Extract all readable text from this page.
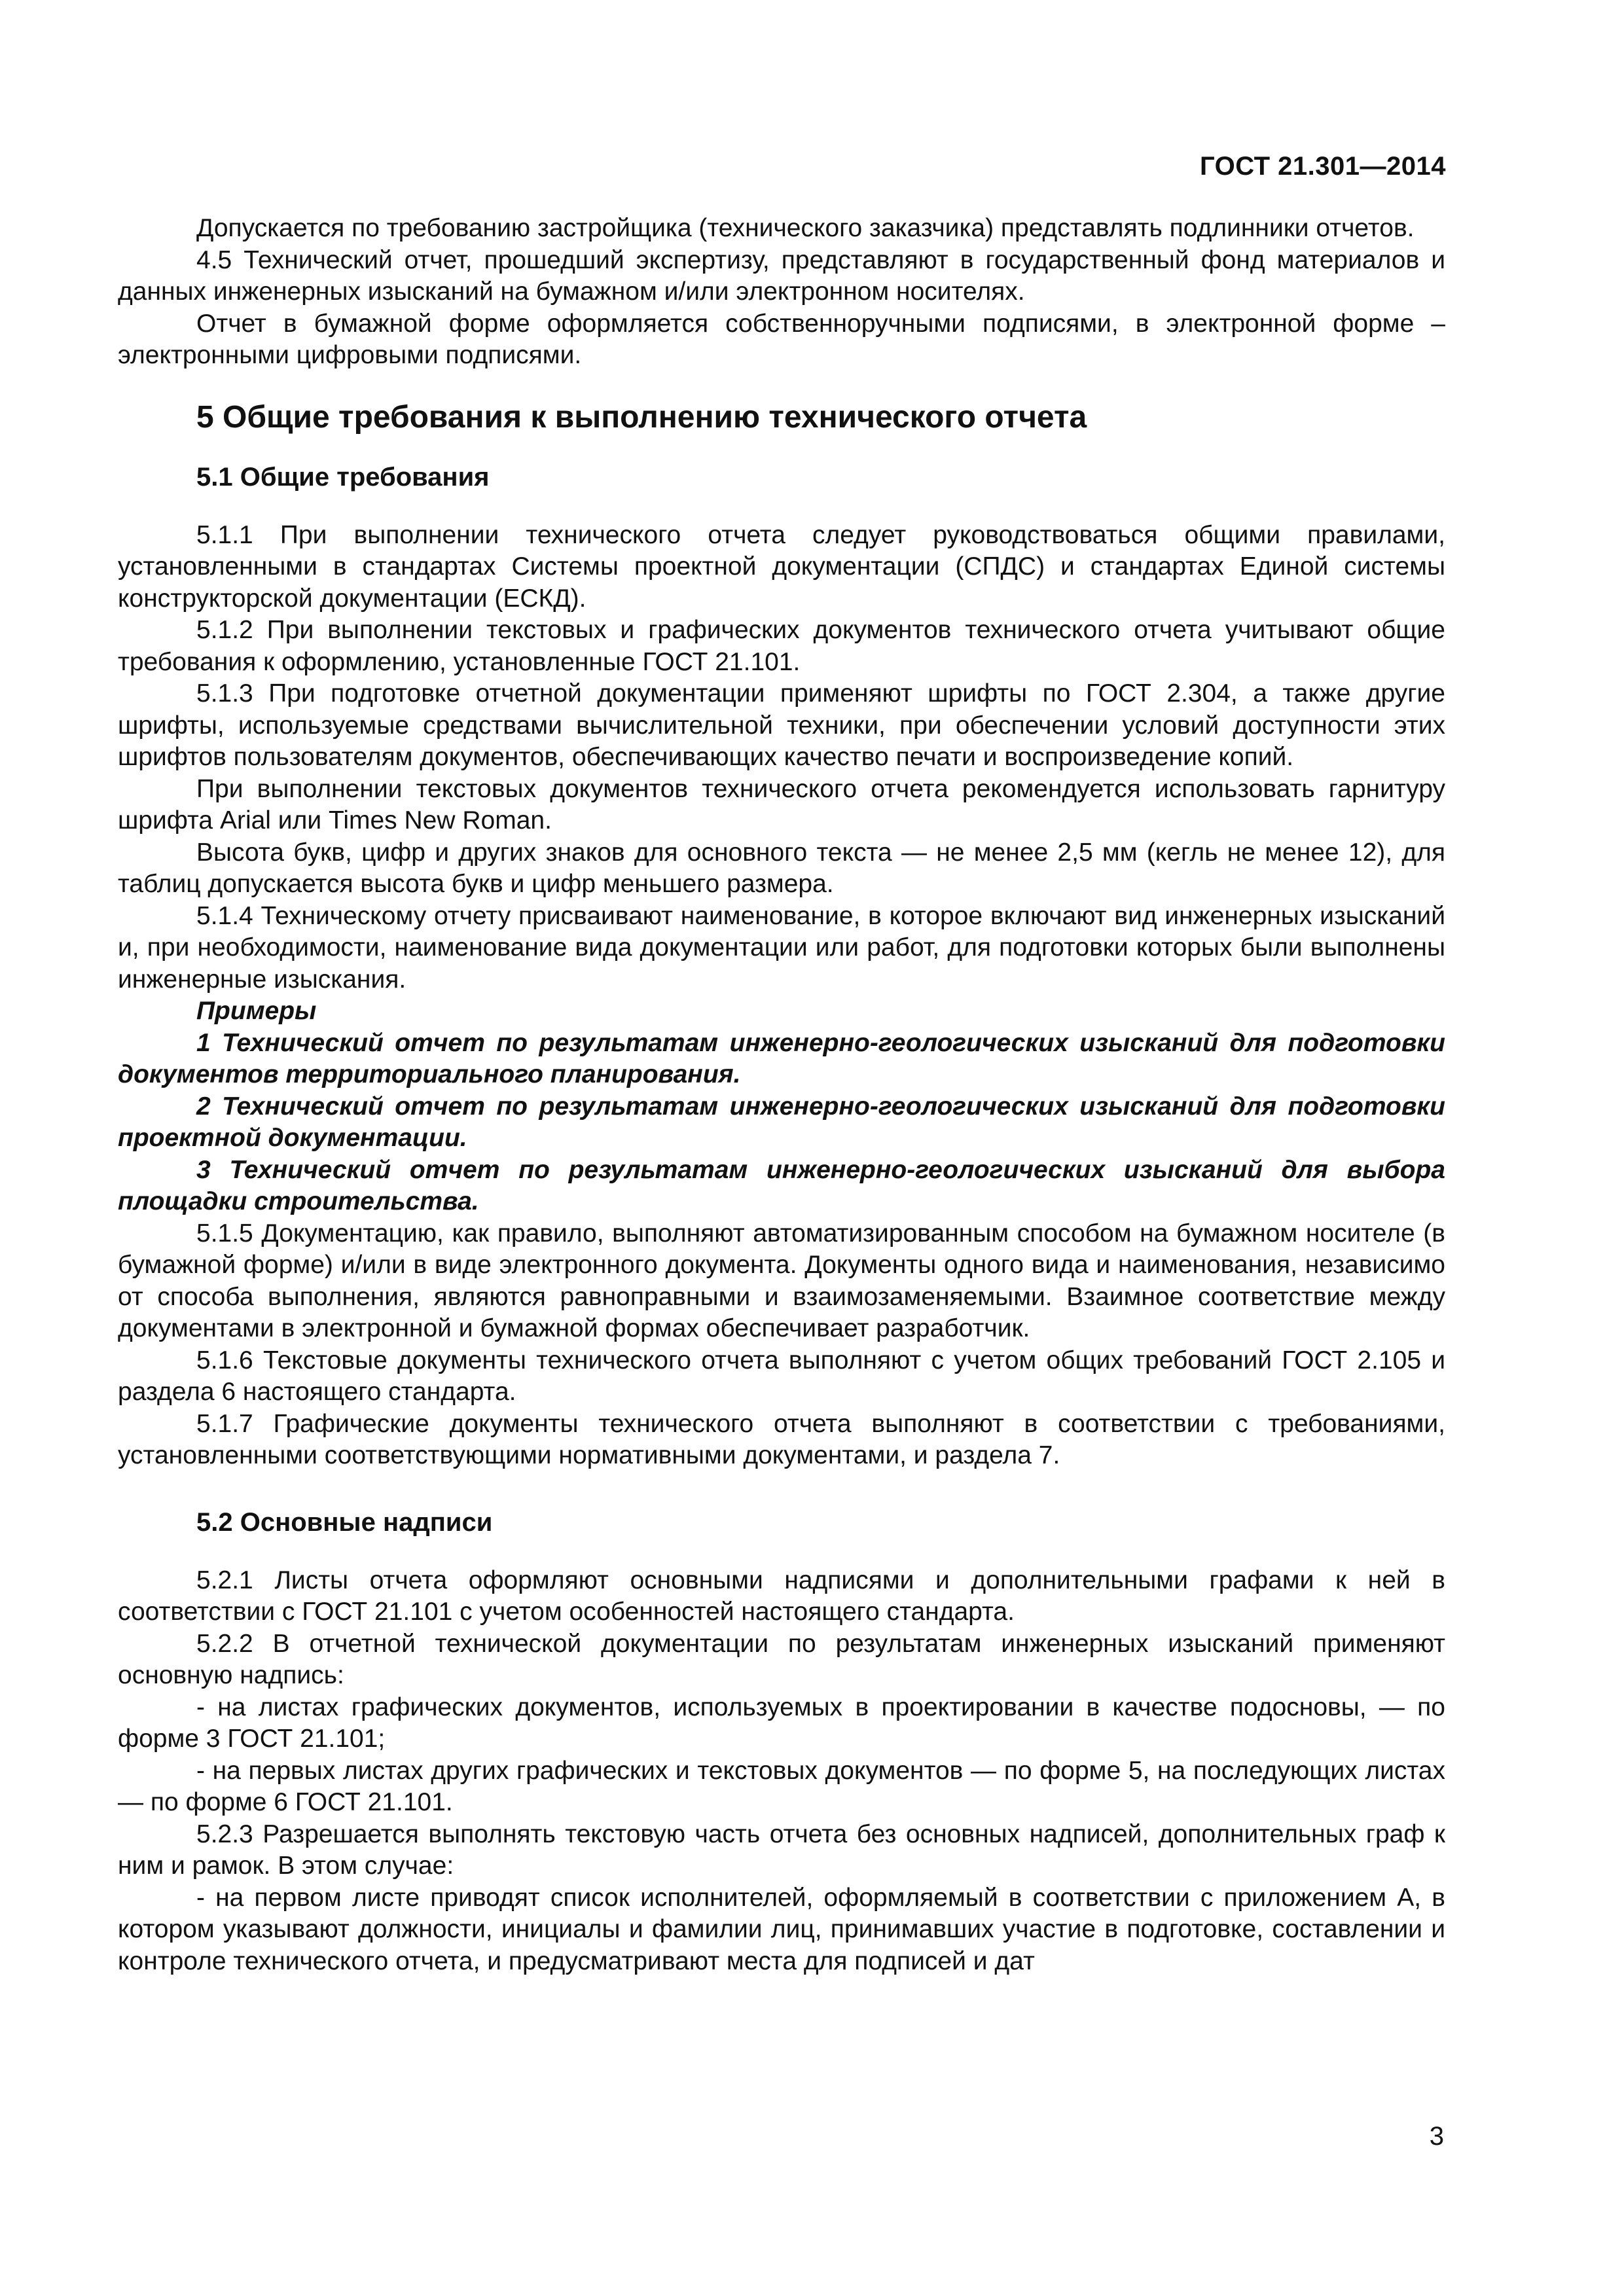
ГОСТ 21.301—2014

Допускается по требованию застройщика (технического заказчика) представлять подлинники отчетов.

4.5 Технический отчет, прошедший экспертизу, представляют в государственный фонд материалов и данных инженерных изысканий на бумажном и/или электронном носителях.

Отчет в бумажной форме оформляется собственноручными подписями, в электронной форме – электронными цифровыми подписями.

5 Общие требования к выполнению технического отчета
5.1 Общие требования

5.1.1 При выполнении технического отчета следует руководствоваться общими правилами, установленными в стандартах Системы проектной документации (СПДС) и стандартах Единой системы конструкторской документации (ЕСКД).

5.1.2 При выполнении текстовых и графических документов технического отчета учитывают общие требования к оформлению, установленные ГОСТ 21.101.

5.1.3 При подготовке отчетной документации применяют шрифты по ГОСТ 2.304, а также другие шрифты, используемые средствами вычислительной техники, при обеспечении условий доступности этих шрифтов пользователям документов, обеспечивающих качество печати и воспроизведение копий.

При выполнении текстовых документов технического отчета рекомендуется использовать гарнитуру шрифта Arial или Times New Roman.

Высота букв, цифр и других знаков для основного текста — не менее 2,5 мм (кегль не менее 12), для таблиц допускается высота букв и цифр меньшего размера.

5.1.4 Техническому отчету присваивают наименование, в которое включают вид инженерных изысканий и, при необходимости, наименование вида документации или работ, для подготовки которых были выполнены инженерные изыскания.

Примеры

1 Технический отчет по результатам инженерно-геологических изысканий для подготовки документов территориального планирования.

2 Технический отчет по результатам инженерно-геологических изысканий для подготовки проектной документации.

3 Технический отчет по результатам инженерно-геологических изысканий для выбора площадки строительства.

5.1.5 Документацию, как правило, выполняют автоматизированным способом на бумажном носителе (в бумажной форме) и/или в виде электронного документа. Документы одного вида и наименования, независимо от способа выполнения, являются равноправными и взаимозаменяемыми. Взаимное соответствие между документами в электронной и бумажной формах обеспечивает разработчик.

5.1.6 Текстовые документы технического отчета выполняют с учетом общих требований ГОСТ 2.105 и раздела 6 настоящего стандарта.

5.1.7 Графические документы технического отчета выполняют в соответствии с требованиями, установленными соответствующими нормативными документами, и раздела 7.

5.2 Основные надписи

5.2.1 Листы отчета оформляют основными надписями и дополнительными графами к ней в соответствии с ГОСТ 21.101 с учетом особенностей настоящего стандарта.

5.2.2 В отчетной технической документации по результатам инженерных изысканий применяют основную надпись:

- на листах графических документов, используемых в проектировании в качестве подосновы, — по форме 3 ГОСТ 21.101;

- на первых листах других графических и текстовых документов — по форме 5, на последующих листах — по форме 6 ГОСТ 21.101.

5.2.3 Разрешается выполнять текстовую часть отчета без основных надписей, дополнительных граф к ним и рамок. В этом случае:

- на первом листе приводят список исполнителей, оформляемый в соответствии с приложением А, в котором указывают должности, инициалы и фамилии лиц, принимавших участие в подготовке, составлении и контроле технического отчета, и предусматривают места для подписей и дат

3
